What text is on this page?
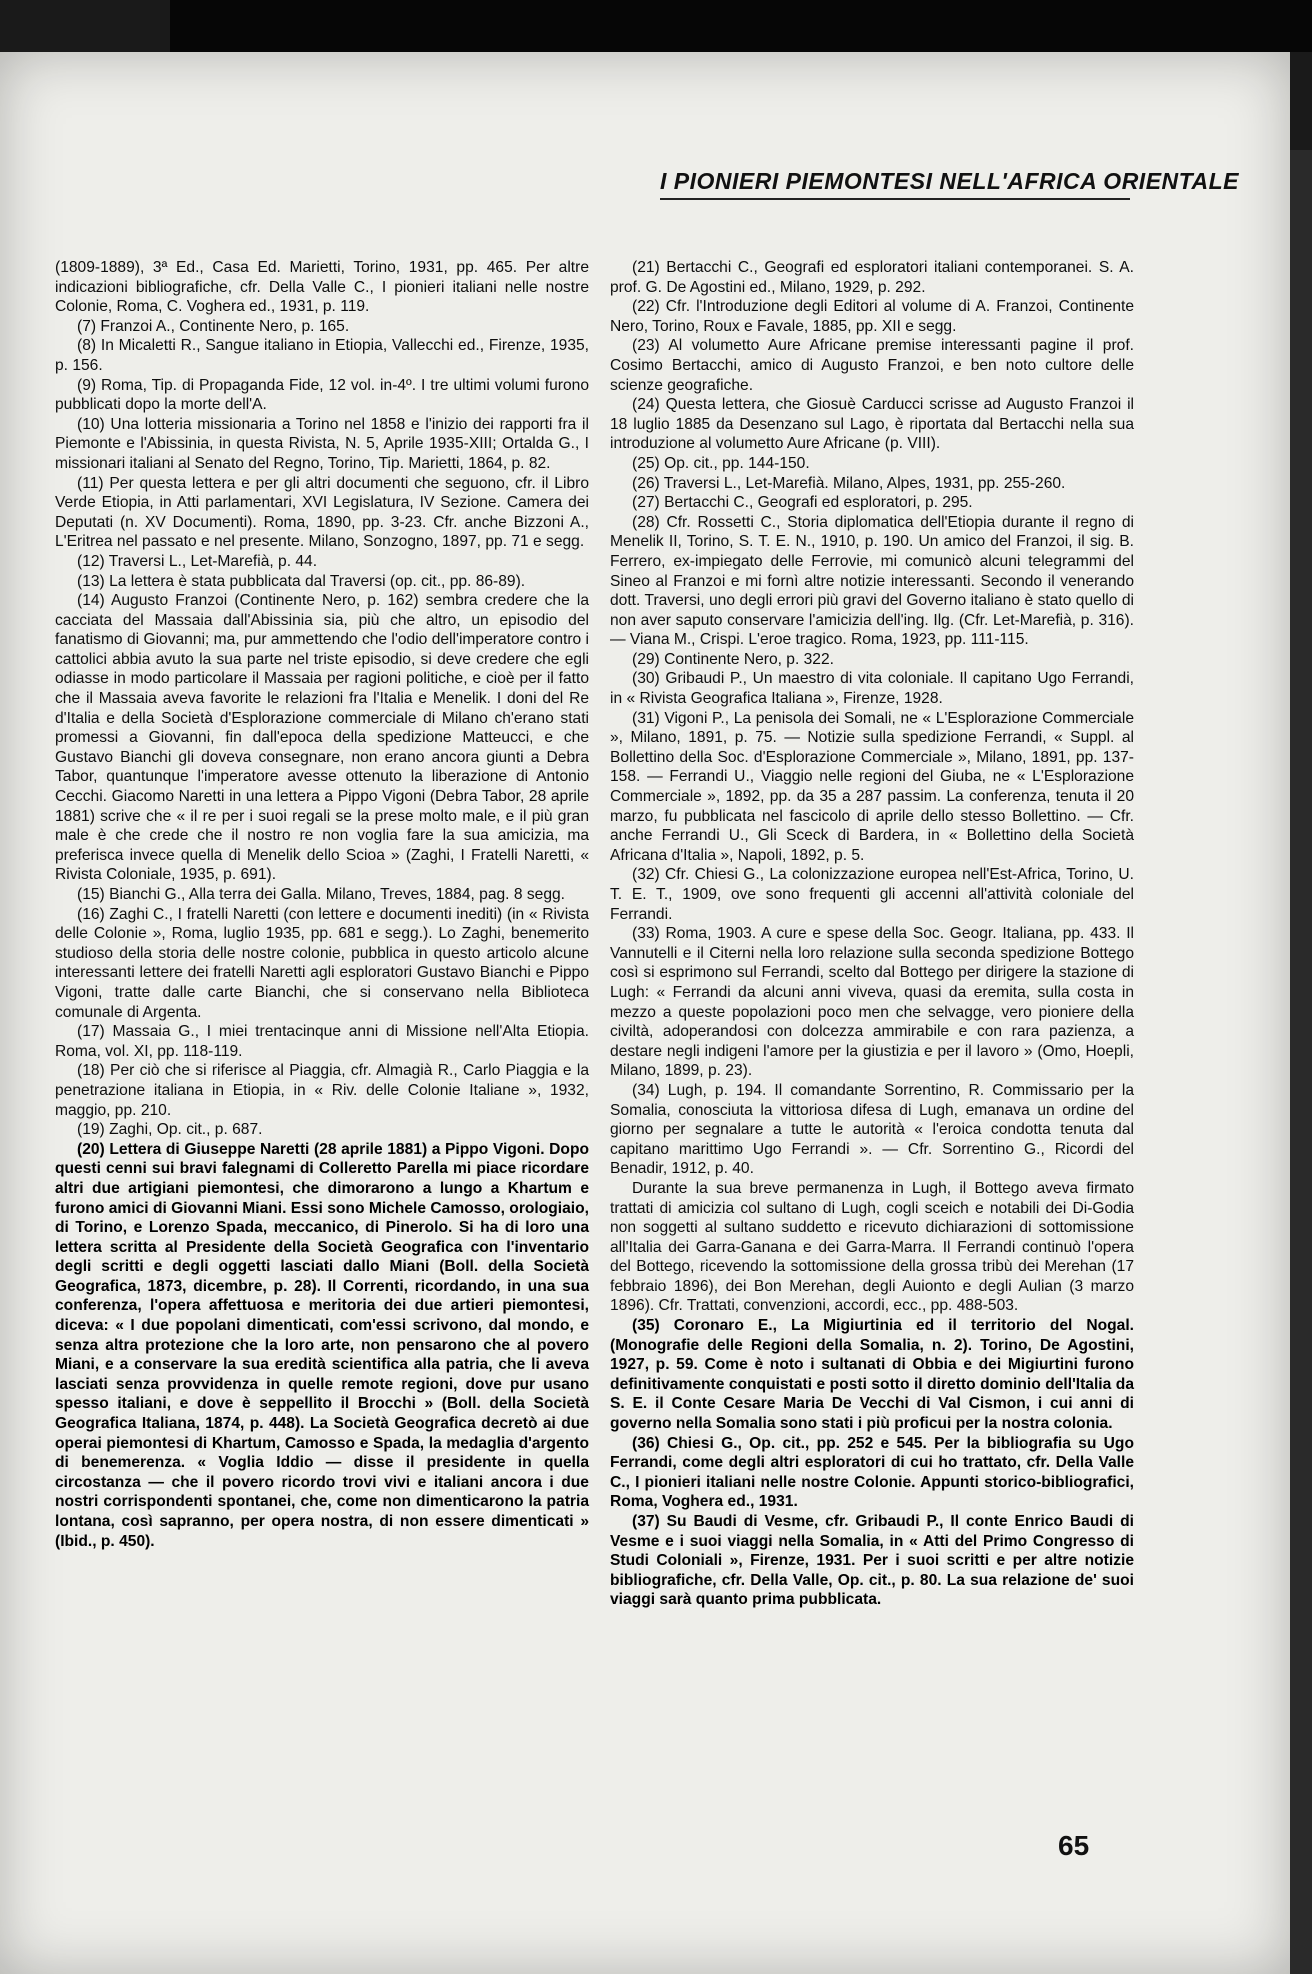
I PIONIERI PIEMONTESI NELL'AFRICA ORIENTALE

(1809-1889), 3ª Ed., Casa Ed. Marietti, Torino, 1931, pp. 465. Per altre indicazioni bibliografiche, cfr. Della Valle C., I pionieri italiani nelle nostre Colonie, Roma, C. Voghera ed., 1931, p. 119.

(7) Franzoi A., Continente Nero, p. 165.

(8) In Micaletti R., Sangue italiano in Etiopia, Vallecchi ed., Firenze, 1935, p. 156.

(9) Roma, Tip. di Propaganda Fide, 12 vol. in-4º. I tre ultimi volumi furono pubblicati dopo la morte dell'A.

(10) Una lotteria missionaria a Torino nel 1858 e l'inizio dei rapporti fra il Piemonte e l'Abissinia, in questa Rivista, N. 5, Aprile 1935-XIII; Ortalda G., I missionari italiani al Senato del Regno, Torino, Tip. Marietti, 1864, p. 82.

(11) Per questa lettera e per gli altri documenti che seguono, cfr. il Libro Verde Etiopia, in Atti parlamentari, XVI Legislatura, IV Sezione. Camera dei Deputati (n. XV Documenti). Roma, 1890, pp. 3-23. Cfr. anche Bizzoni A., L'Eritrea nel passato e nel presente. Milano, Sonzogno, 1897, pp. 71 e segg.

(12) Traversi L., Let-Marefià, p. 44.

(13) La lettera è stata pubblicata dal Traversi (op. cit., pp. 86-89).

(14) Augusto Franzoi (Continente Nero, p. 162) sembra credere che la cacciata del Massaia dall'Abissinia sia, più che altro, un episodio del fanatismo di Giovanni; ma, pur ammettendo che l'odio dell'imperatore contro i cattolici abbia avuto la sua parte nel triste episodio, si deve credere che egli odiasse in modo particolare il Massaia per ragioni politiche, e cioè per il fatto che il Massaia aveva favorite le relazioni fra l'Italia e Menelik. I doni del Re d'Italia e della Società d'Esplorazione commerciale di Milano ch'erano stati promessi a Giovanni, fin dall'epoca della spedizione Matteucci, e che Gustavo Bianchi gli doveva consegnare, non erano ancora giunti a Debra Tabor, quantunque l'imperatore avesse ottenuto la liberazione di Antonio Cecchi. Giacomo Naretti in una lettera a Pippo Vigoni (Debra Tabor, 28 aprile 1881) scrive che « il re per i suoi regali se la prese molto male, e il più gran male è che crede che il nostro re non voglia fare la sua amicizia, ma preferisca invece quella di Menelik dello Scioa » (Zaghi, I Fratelli Naretti, « Rivista Coloniale, 1935, p. 691).

(15) Bianchi G., Alla terra dei Galla. Milano, Treves, 1884, pag. 8 segg.

(16) Zaghi C., I fratelli Naretti (con lettere e documenti inediti) (in « Rivista delle Colonie », Roma, luglio 1935, pp. 681 e segg.). Lo Zaghi, benemerito studioso della storia delle nostre colonie, pubblica in questo articolo alcune interessanti lettere dei fratelli Naretti agli esploratori Gustavo Bianchi e Pippo Vigoni, tratte dalle carte Bianchi, che si conservano nella Biblioteca comunale di Argenta.

(17) Massaia G., I miei trentacinque anni di Missione nell'Alta Etiopia. Roma, vol. XI, pp. 118-119.

(18) Per ciò che si riferisce al Piaggia, cfr. Almagià R., Carlo Piaggia e la penetrazione italiana in Etiopia, in « Riv. delle Colonie Italiane », 1932, maggio, pp. 210.

(19) Zaghi, Op. cit., p. 687.

(20) Lettera di Giuseppe Naretti (28 aprile 1881) a Pippo Vigoni. Dopo questi cenni sui bravi falegnami di Colleretto Parella mi piace ricordare altri due artigiani piemontesi, che dimorarono a lungo a Khartum e furono amici di Giovanni Miani. Essi sono Michele Camosso, orologiaio, di Torino, e Lorenzo Spada, meccanico, di Pinerolo. Si ha di loro una lettera scritta al Presidente della Società Geografica con l'inventario degli scritti e degli oggetti lasciati dallo Miani (Boll. della Società Geografica, 1873, dicembre, p. 28). Il Correnti, ricordando, in una sua conferenza, l'opera affettuosa e meritoria dei due artieri piemontesi, diceva: « I due popolani dimenticati, com'essi scrivono, dal mondo, e senza altra protezione che la loro arte, non pensarono che al povero Miani, e a conservare la sua eredità scientifica alla patria, che li aveva lasciati senza provvidenza in quelle remote regioni, dove pur usano spesso italiani, e dove è seppellito il Brocchi » (Boll. della Società Geografica Italiana, 1874, p. 448). La Società Geografica decretò ai due operai piemontesi di Khartum, Camosso e Spada, la medaglia d'argento di benemerenza. « Voglia Iddio — disse il presidente in quella circostanza — che il povero ricordo trovi vivi e italiani ancora i due nostri corrispondenti spontanei, che, come non dimenticarono la patria lontana, così sapranno, per opera nostra, di non essere dimenticati » (Ibid., p. 450).

(21) Bertacchi C., Geografi ed esploratori italiani contemporanei. S. A. prof. G. De Agostini ed., Milano, 1929, p. 292.

(22) Cfr. l'Introduzione degli Editori al volume di A. Franzoi, Continente Nero, Torino, Roux e Favale, 1885, pp. XII e segg.

(23) Al volumetto Aure Africane premise interessanti pagine il prof. Cosimo Bertacchi, amico di Augusto Franzoi, e ben noto cultore delle scienze geografiche.

(24) Questa lettera, che Giosuè Carducci scrisse ad Augusto Franzoi il 18 luglio 1885 da Desenzano sul Lago, è riportata dal Bertacchi nella sua introduzione al volumetto Aure Africane (p. VIII).

(25) Op. cit., pp. 144-150.

(26) Traversi L., Let-Marefià. Milano, Alpes, 1931, pp. 255-260.

(27) Bertacchi C., Geografi ed esploratori, p. 295.

(28) Cfr. Rossetti C., Storia diplomatica dell'Etiopia durante il regno di Menelik II, Torino, S. T. E. N., 1910, p. 190. Un amico del Franzoi, il sig. B. Ferrero, ex-impiegato delle Ferrovie, mi comunicò alcuni telegrammi del Sineo al Franzoi e mi fornì altre notizie interessanti. Secondo il venerando dott. Traversi, uno degli errori più gravi del Governo italiano è stato quello di non aver saputo conservare l'amicizia dell'ing. Ilg. (Cfr. Let-Marefià, p. 316). — Viana M., Crispi. L'eroe tragico. Roma, 1923, pp. 111-115.

(29) Continente Nero, p. 322.

(30) Gribaudi P., Un maestro di vita coloniale. Il capitano Ugo Ferrandi, in « Rivista Geografica Italiana », Firenze, 1928.

(31) Vigoni P., La penisola dei Somali, ne « L'Esplorazione Commerciale », Milano, 1891, p. 75. — Notizie sulla spedizione Ferrandi, « Suppl. al Bollettino della Soc. d'Esplorazione Commerciale », Milano, 1891, pp. 137-158. — Ferrandi U., Viaggio nelle regioni del Giuba, ne « L'Esplorazione Commerciale », 1892, pp. da 35 a 287 passim. La conferenza, tenuta il 20 marzo, fu pubblicata nel fascicolo di aprile dello stesso Bollettino. — Cfr. anche Ferrandi U., Gli Sceck di Bardera, in « Bollettino della Società Africana d'Italia », Napoli, 1892, p. 5.

(32) Cfr. Chiesi G., La colonizzazione europea nell'Est-Africa, Torino, U. T. E. T., 1909, ove sono frequenti gli accenni all'attività coloniale del Ferrandi.

(33) Roma, 1903. A cure e spese della Soc. Geogr. Italiana, pp. 433. Il Vannutelli e il Citerni nella loro relazione sulla seconda spedizione Bottego così si esprimono sul Ferrandi, scelto dal Bottego per dirigere la stazione di Lugh: « Ferrandi da alcuni anni viveva, quasi da eremita, sulla costa in mezzo a queste popolazioni poco men che selvagge, vero pioniere della civiltà, adoperandosi con dolcezza ammirabile e con rara pazienza, a destare negli indigeni l'amore per la giustizia e per il lavoro » (Omo, Hoepli, Milano, 1899, p. 23).

(34) Lugh, p. 194. Il comandante Sorrentino, R. Commissario per la Somalia, conosciuta la vittoriosa difesa di Lugh, emanava un ordine del giorno per segnalare a tutte le autorità « l'eroica condotta tenuta dal capitano marittimo Ugo Ferrandi ». — Cfr. Sorrentino G., Ricordi del Benadir, 1912, p. 40.

Durante la sua breve permanenza in Lugh, il Bottego aveva firmato trattati di amicizia col sultano di Lugh, cogli sceich e notabili dei Di-Godia non soggetti al sultano suddetto e ricevuto dichiarazioni di sottomissione all'Italia dei Garra-Ganana e dei Garra-Marra. Il Ferrandi continuò l'opera del Bottego, ricevendo la sottomissione della grossa tribù dei Merehan (17 febbraio 1896), dei Bon Merehan, degli Auionto e degli Aulian (3 marzo 1896). Cfr. Trattati, convenzioni, accordi, ecc., pp. 488-503.

(35) Coronaro E., La Migiurtinia ed il territorio del Nogal. (Monografie delle Regioni della Somalia, n. 2). Torino, De Agostini, 1927, p. 59. Come è noto i sultanati di Obbia e dei Migiurtini furono definitivamente conquistati e posti sotto il diretto dominio dell'Italia da S. E. il Conte Cesare Maria De Vecchi di Val Cismon, i cui anni di governo nella Somalia sono stati i più proficui per la nostra colonia.

(36) Chiesi G., Op. cit., pp. 252 e 545. Per la bibliografia su Ugo Ferrandi, come degli altri esploratori di cui ho trattato, cfr. Della Valle C., I pionieri italiani nelle nostre Colonie. Appunti storico-bibliografici, Roma, Voghera ed., 1931.

(37) Su Baudi di Vesme, cfr. Gribaudi P., Il conte Enrico Baudi di Vesme e i suoi viaggi nella Somalia, in « Atti del Primo Congresso di Studi Coloniali », Firenze, 1931. Per i suoi scritti e per altre notizie bibliografiche, cfr. Della Valle, Op. cit., p. 80. La sua relazione de' suoi viaggi sarà quanto prima pubblicata.

65
